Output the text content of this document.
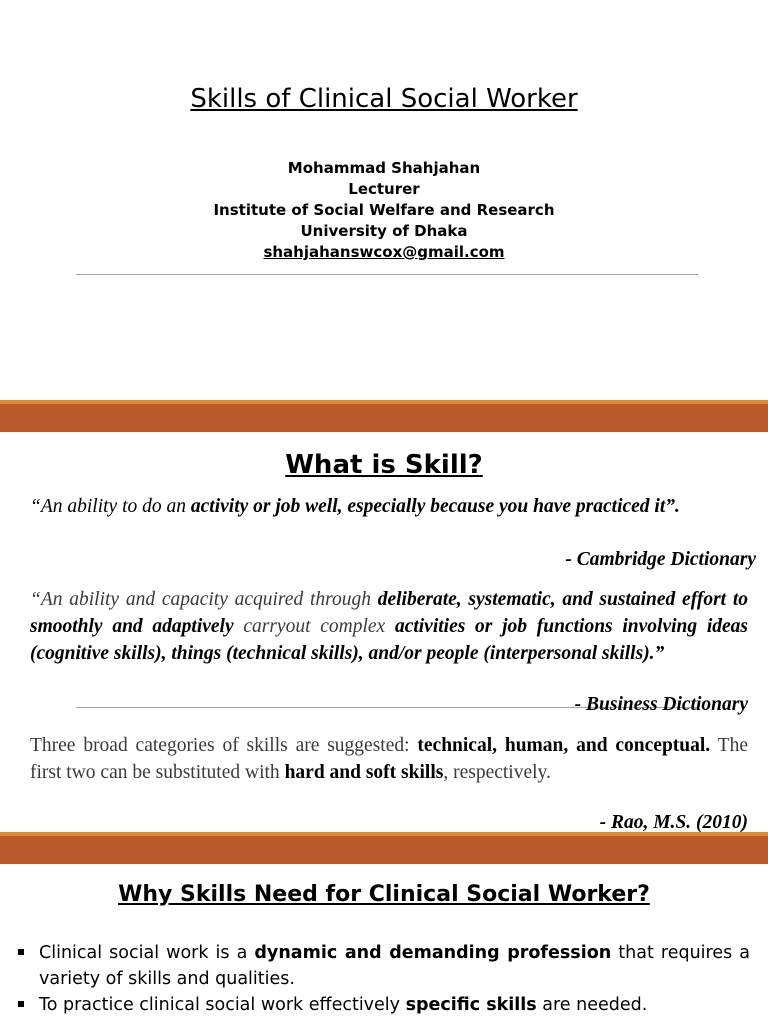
Skills of Clinical Social Worker
Mohammad Shahjahan
Lecturer
Institute of Social Welfare and Research
University of Dhaka
shahjahanswcox@gmail.com
What is Skill?
“An ability to do an activity or job well, especially because you have practiced it”.
- Cambridge Dictionary
“An ability and capacity acquired through deliberate, systematic, and sustained effort to smoothly and adaptively carryout complex activities or job functions involving ideas (cognitive skills), things (technical skills), and/or people (interpersonal skills).”
- Business Dictionary
Three broad categories of skills are suggested: technical, human, and conceptual. The first two can be substituted with hard and soft skills, respectively.
- Rao, M.S. (2010)
Why Skills Need for Clinical Social Worker?
Clinical social work is a dynamic and demanding profession that requires a variety of skills and qualities.
To practice clinical social work effectively specific skills are needed.
